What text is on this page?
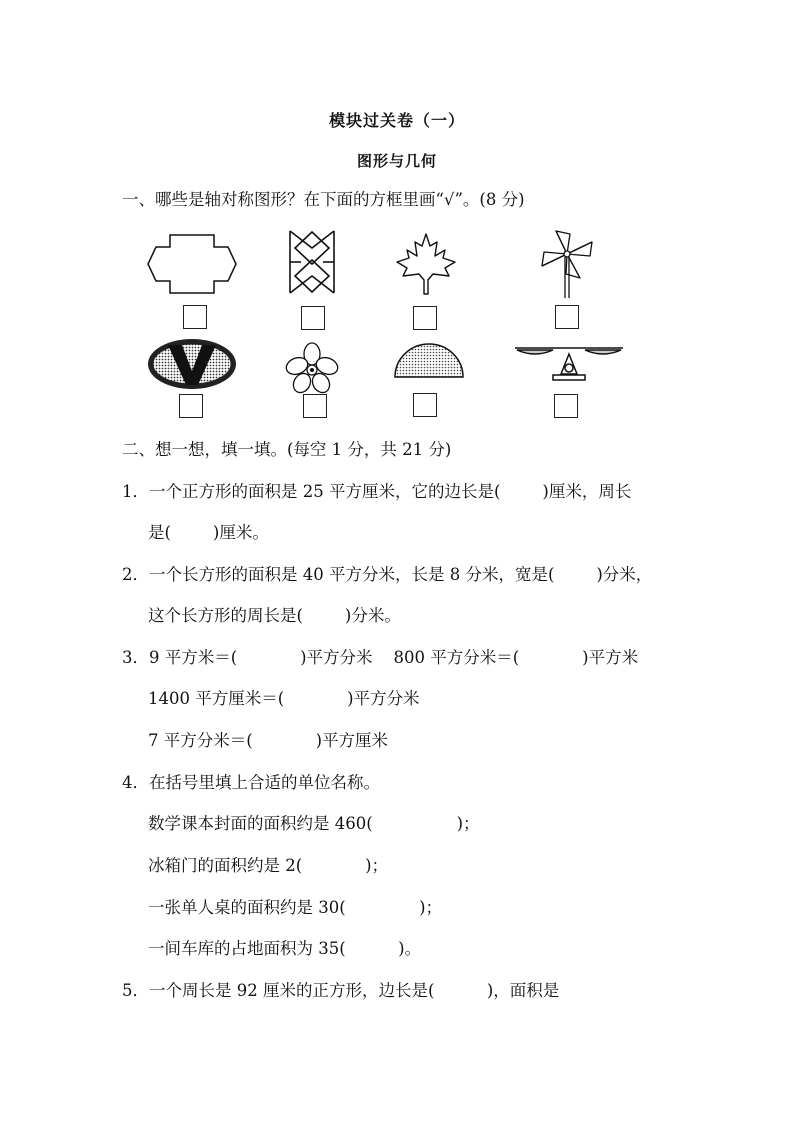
模块过关卷（一）
图形与几何
一、哪些是轴对称图形？在下面的方框里画“√”。(8 分)
二、想一想，填一填。(每空 1 分，共 21 分)
1．一个正方形的面积是 25 平方厘米，它的边长是(        )厘米，周长
是(        )厘米。
2．一个长方形的面积是 40 平方分米，长是 8 分米，宽是(        )分米，
这个长方形的周长是(        )分米。
3．9 平方米＝(            )平方分米    800 平方分米＝(            )平方米
1400 平方厘米＝(            )平方分米
7 平方分米＝(            )平方厘米
4．在括号里填上合适的单位名称。
数学课本封面的面积约是 460(                )；
冰箱门的面积约是 2(            )；
一张单人桌的面积约是 30(              )；
一间车库的占地面积为 35(          )。
5．一个周长是 92 厘米的正方形，边长是(          )，面积是
